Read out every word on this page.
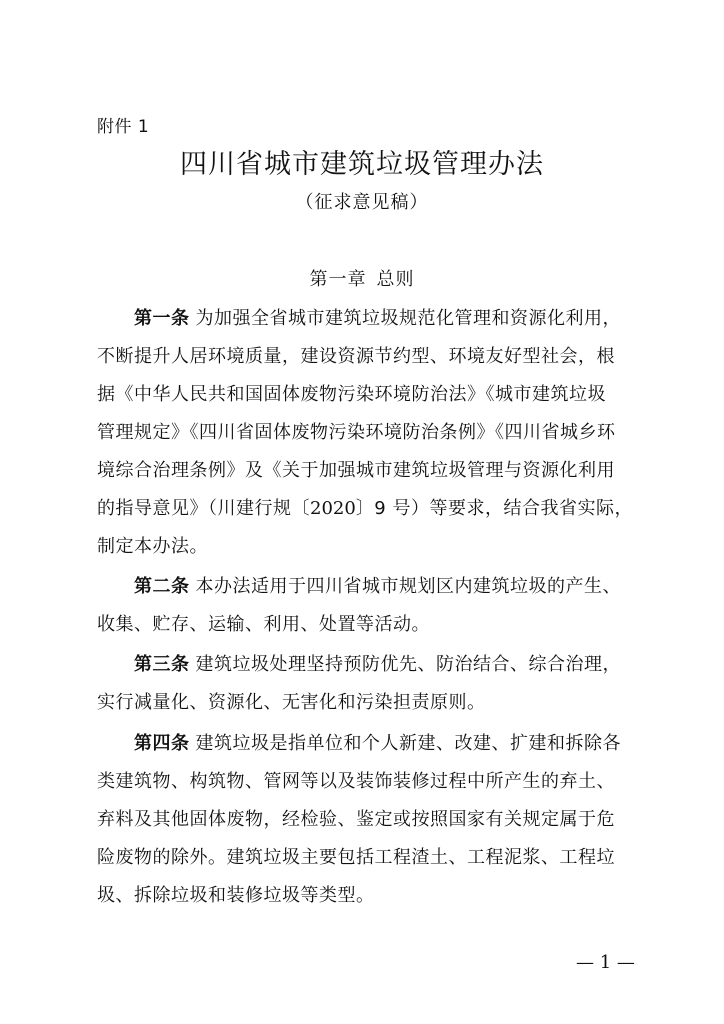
附件 1
四川省城市建筑垃圾管理办法
（征求意见稿）
第一章 总则
第一条 为加强全省城市建筑垃圾规范化管理和资源化利用，
不断提升人居环境质量，建设资源节约型、环境友好型社会，根
据《中华人民共和国固体废物污染环境防治法》《城市建筑垃圾
管理规定》《四川省固体废物污染环境防治条例》《四川省城乡环
境综合治理条例》及《关于加强城市建筑垃圾管理与资源化利用
的指导意见》（川建行规〔2020〕9 号）等要求，结合我省实际，
制定本办法。
第二条 本办法适用于四川省城市规划区内建筑垃圾的产生、
收集、贮存、运输、利用、处置等活动。
第三条 建筑垃圾处理坚持预防优先、防治结合、综合治理，
实行减量化、资源化、无害化和污染担责原则。
第四条 建筑垃圾是指单位和个人新建、改建、扩建和拆除各
类建筑物、构筑物、管网等以及装饰装修过程中所产生的弃土、
弃料及其他固体废物，经检验、鉴定或按照国家有关规定属于危
险废物的除外。建筑垃圾主要包括工程渣土、工程泥浆、工程垃
圾、拆除垃圾和装修垃圾等类型。
— 1 —
